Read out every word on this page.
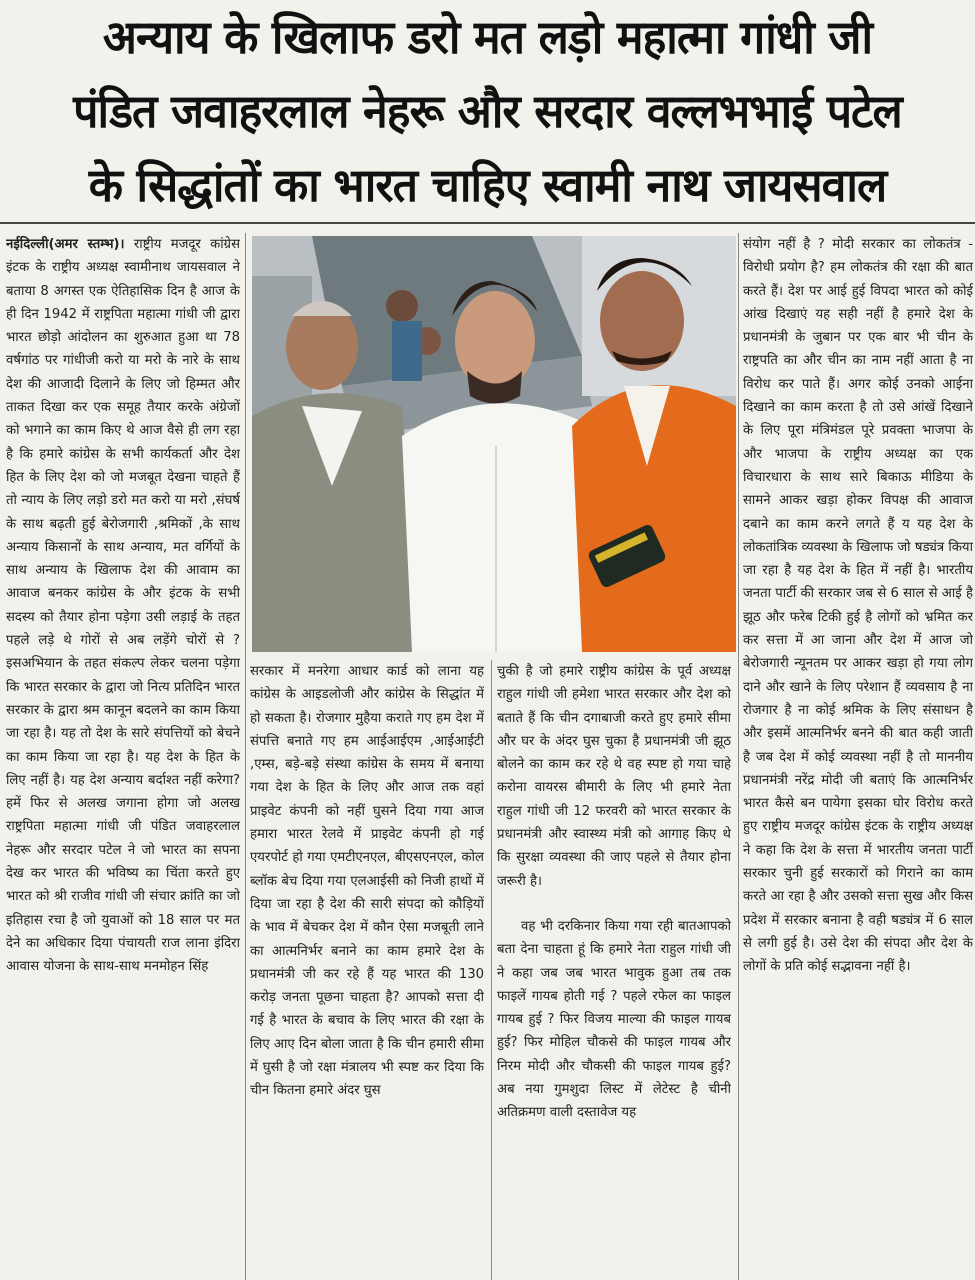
अन्याय के खिलाफ डरो मत लड़ो महात्मा गांधी जी
पंडित जवाहरलाल नेहरू और सरदार वल्लभभाई पटेल
के सिद्धांतों का भारत चाहिए स्वामी नाथ जायसवाल

नईदिल्ली(अमर स्तम्भ)। राष्ट्रीय मजदूर कांग्रेस इंटक के राष्ट्रीय अध्यक्ष स्वामीनाथ जायसवाल ने बताया 8 अगस्त एक ऐतिहासिक दिन है आज के ही दिन 1942 में राष्ट्रपिता महात्मा गांधी जी द्वारा भारत छोड़ो आंदोलन का शुरुआत हुआ था 78 वर्षगांठ पर गांधीजी करो या मरो के नारे के साथ देश की आजादी दिलाने के लिए जो हिम्मत और ताकत दिखा कर एक समूह तैयार करके अंग्रेजों को भगाने का काम किए थे आज वैसे ही लग रहा है कि हमारे कांग्रेस के सभी कार्यकर्ता और देश हित के लिए देश को जो मजबूत देखना चाहते हैं तो न्याय के लिए लड़ो डरो मत करो या मरो ,संघर्ष के साथ बढ़ती हुई बेरोजगारी ,श्रमिकों ,के साथ अन्याय किसानों के साथ अन्याय, मत वर्गियों के साथ अन्याय के खिलाफ देश की आवाम का आवाज बनकर कांग्रेस के और इंटक के सभी सदस्य को तैयार होना पड़ेगा उसी लड़ाई के तहत पहले लड़े थे गोरों से अब लड़ेंगे चोरों से ? इसअभियान के तहत संकल्प लेकर चलना पड़ेगा कि भारत सरकार के द्वारा जो नित्य प्रतिदिन भारत सरकार के द्वारा श्रम कानून बदलने का काम किया जा रहा है। यह तो देश के सारे संपत्तियों को बेचने का काम किया जा रहा है। यह देश के हित के लिए नहीं है। यह देश अन्याय बर्दाश्त नहीं करेगा? हमें फिर से अलख जगाना होगा जो अलख राष्ट्रपिता महात्मा गांधी जी पंडित जवाहरलाल नेहरू और सरदार पटेल ने जो भारत का सपना देख कर भारत की भविष्य का चिंता करते हुए भारत को श्री राजीव गांधी जी संचार क्रांति का जो इतिहास रचा है जो युवाओं को 18 साल पर मत देने का अधिकार दिया पंचायती राज लाना इंदिरा आवास योजना के साथ-साथ मनमोहन सिंह

सरकार में मनरेगा आधार कार्ड को लाना यह कांग्रेस के आइडलोजी और कांग्रेस के सिद्धांत में हो सकता है। रोजगार मुहैया कराते गए हम देश में संपत्ति बनाते गए हम आईआईएम ,आईआईटी ,एम्स, बड़े-बड़े संस्था कांग्रेस के समय में बनाया गया देश के हित के लिए और आज तक वहां प्राइवेट कंपनी को नहीं घुसने दिया गया आज हमारा भारत रेलवे में प्राइवेट कंपनी हो गई एयरपोर्ट हो गया एमटीएनएल, बीएसएनएल, कोल ब्लॉक बेच दिया गया एलआईसी को निजी हाथों में दिया जा रहा है देश की सारी संपदा को कौड़ियों के भाव में बेचकर देश में कौन ऐसा मजबूती लाने का आत्मनिर्भर बनाने का काम हमारे देश के प्रधानमंत्री जी कर रहे हैं यह भारत की 130 करोड़ जनता पूछना चाहता है? आपको सत्ता दी गई है भारत के बचाव के लिए भारत की रक्षा के लिए आए दिन बोला जाता है कि चीन हमारी सीमा में घुसी है जो रक्षा मंत्रालय भी स्पष्ट कर दिया कि चीन कितना हमारे अंदर घुस

चुकी है जो हमारे राष्ट्रीय कांग्रेस के पूर्व अध्यक्ष राहुल गांधी जी हमेशा भारत सरकार और देश को बताते हैं कि चीन दगाबाजी करते हुए हमारे सीमा और घर के अंदर घुस चुका है प्रधानमंत्री जी झूठ बोलने का काम कर रहे थे वह स्पष्ट हो गया चाहे करोना वायरस बीमारी के लिए भी हमारे नेता राहुल गांधी जी 12 फरवरी को भारत सरकार के प्रधानमंत्री और स्वास्थ्य मंत्री को आगाह किए थे कि सुरक्षा व्यवस्था की जाए पहले से तैयार होना जरूरी है।

वह भी दरकिनार किया गया रही बातआपको बता देना चाहता हूं कि हमारे नेता राहुल गांधी जी ने कहा जब जब भारत भावुक हुआ तब तक फाइलें गायब होती गई ? पहले रफेल का फाइल गायब हुई ? फिर विजय माल्या की फाइल गायब हुई? फिर मोहिल चौकसे की फाइल गायब और निरम मोदी और चौकसी की फाइल गायब हुई? अब नया गुमशुदा लिस्ट में लेटेस्ट है चीनी अतिक्रमण वाली दस्तावेज यह

संयोग नहीं है ? मोदी सरकार का लोकतंत्र - विरोधी प्रयोग है? हम लोकतंत्र की रक्षा की बात करते हैं। देश पर आई हुई विपदा भारत को कोई आंख दिखाएं यह सही नहीं है हमारे देश के प्रधानमंत्री के जुबान पर एक बार भी चीन के राष्ट्रपति का और चीन का नाम नहीं आता है ना विरोध कर पाते हैं। अगर कोई उनको आईना दिखाने का काम करता है तो उसे आंखें दिखाने के लिए पूरा मंत्रिमंडल पूरे प्रवक्ता भाजपा के और भाजपा के राष्ट्रीय अध्यक्ष का एक विचारधारा के साथ सारे बिकाऊ मीडिया के सामने आकर खड़ा होकर विपक्ष की आवाज दबाने का काम करने लगते हैं य यह देश के लोकतांत्रिक व्यवस्था के खिलाफ जो षड्यंत्र किया जा रहा है यह देश के हित में नहीं है। भारतीय जनता पार्टी की सरकार जब से 6 साल से आई है झूठ और फरेब टिकी हुई है लोगों को भ्रमित कर कर सत्ता में आ जाना और देश में आज जो बेरोजगारी न्यूनतम पर आकर खड़ा हो गया लोग दाने और खाने के लिए परेशान हैं व्यवसाय है ना रोजगार है ना कोई श्रमिक के लिए संसाधन है और इसमें आत्मनिर्भर बनने की बात कही जाती है जब देश में कोई व्यवस्था नहीं है तो माननीय प्रधानमंत्री नरेंद्र मोदी जी बताएं कि आत्मनिर्भर भारत कैसे बन पायेगा इसका घोर विरोध करते हुए राष्ट्रीय मजदूर कांग्रेस इंटक के राष्ट्रीय अध्यक्ष ने कहा कि देश के सत्ता में भारतीय जनता पार्टी सरकार चुनी हुई सरकारों को गिराने का काम करते आ रहा है और उसको सत्ता सुख और किस प्रदेश में सरकार बनाना है वही षड्यंत्र में 6 साल से लगी हुई है। उसे देश की संपदा और देश के लोगों के प्रति कोई सद्भावना नहीं है।
